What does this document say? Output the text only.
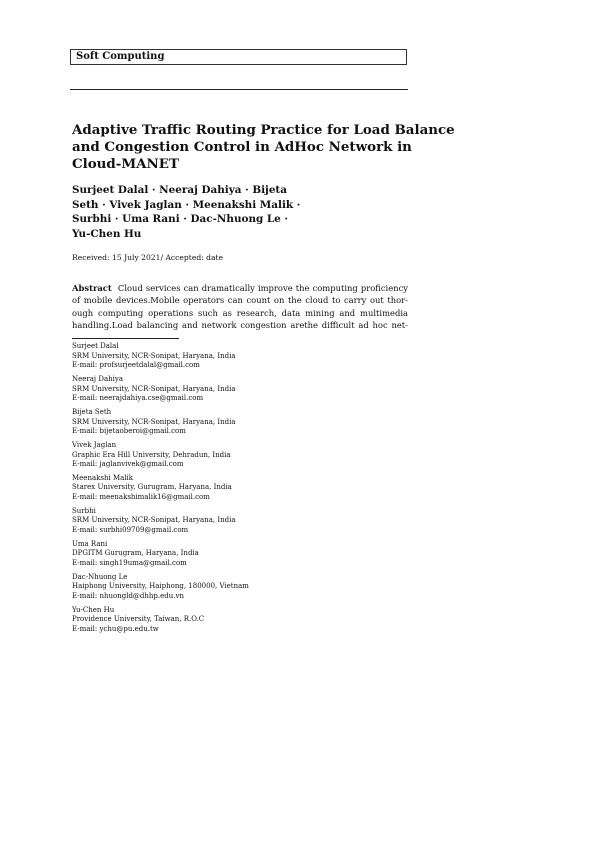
Soft Computing
Adaptive Traffic Routing Practice for Load Balance
and Congestion Control in AdHoc Network in
Cloud-MANET
Surjeet Dalal · Neeraj Dahiya · Bijeta
Seth · Vivek Jaglan · Meenakshi Malik ·
Surbhi · Uma Rani · Dac-Nhuong Le ·
Yu-Chen Hu
Received: 15 July 2021/ Accepted: date
Abstract Cloud services can dramatically improve the computing proficiency
of mobile devices.Mobile operators can count on the cloud to carry out thor-
ough computing operations such as research, data mining and multimedia
handling.Load balancing and network congestion arethe difficult ad hoc net-
Surjeet Dalal
SRM University, NCR-Sonipat, Haryana, India
E-mail: profsurjeetdalal@gmail.com
Neeraj Dahiya
SRM University, NCR-Sonipat, Haryana, India
E-mail: neerajdahiya.cse@gmail.com
Bijeta Seth
SRM University, NCR-Sonipat, Haryana, India
E-mail: bijetaoberoi@gmail.com
Vivek Jaglan
Graphic Era Hill University, Dehradun, India
E-mail: jaglanvivek@gmail.com
Meenakshi Malik
Starex University, Gurugram, Haryana, India
E-mail: meenakshimalik16@gmail.com
Surbhi
SRM University, NCR-Sonipat, Haryana, India
E-mail: surbhi09709@gmail.com
Uma Rani
DPGITM Gurugram, Haryana, India
E-mail: singh19uma@gmail.com
Dac-Nhuong Le
Haiphong University, Haiphong, 180000, Vietnam
E-mail: nhuongld@dhhp.edu.vn
Yu-Chen Hu
Providence University, Taiwan, R.O.C
E-mail: ychu@pu.edu.tw
